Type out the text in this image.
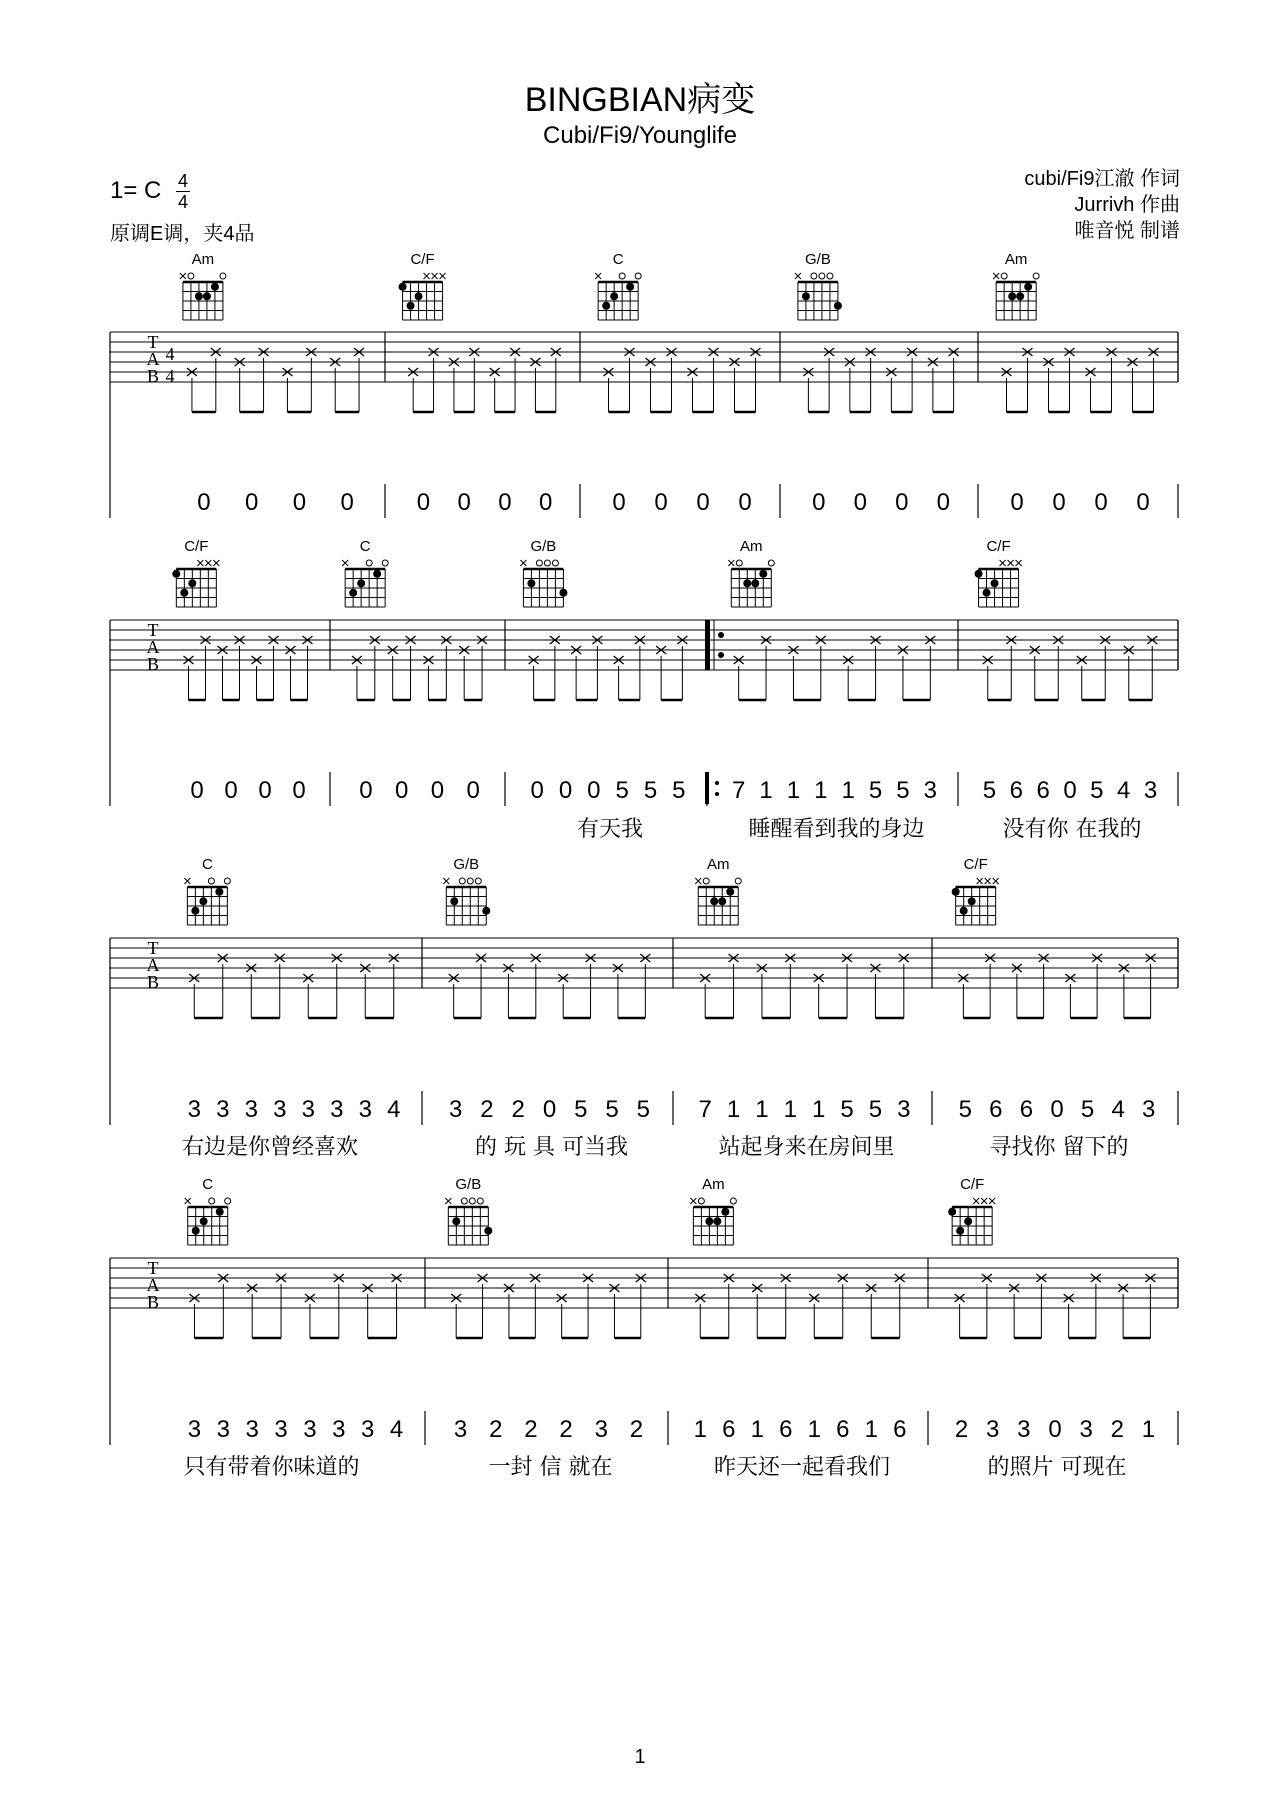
BINGBIAN病变
Cubi/Fi9/Younglife
1= C $\frac{4}{4}$
原调E调，夹4品
cubi/Fi9江澈 作词
Jurrivh 作曲
唯音悦 制谱
T
A
B
4
4
Am
0 0 0 0
C/F
0 0 0 0
C
0 0 0 0
G/B
0 0 0 0
Am
0 0 0 0
T
A
B
C/F
0 0 0 0
C
0 0 0 0
G/B
0 0 0 5 5 5
有天我
Am
7 1 1 1 1 5 5 3
睡醒看到我的身边
C/F
5 6 6 0 5 4 3
没有你 在我的
T
A
B
C
3 3 3 3 3 3 3 4
右边是你曾经喜欢
G/B
3 2 2 0 5 5 5
的 玩 具 可当我
Am
7 1 1 1 1 5 5 3
站起身来在房间里
C/F
5 6 6 0 5 4 3
寻找你 留下的
T
A
B
C
3 3 3 3 3 3 3 4
只有带着你味道的
G/B
3 2 2 2 3 2
一封 信 就在
Am
1 6 1 6 1 6 1 6
昨天还一起看我们
C/F
2 3 3 0 3 2 1
的照片 可现在
1
